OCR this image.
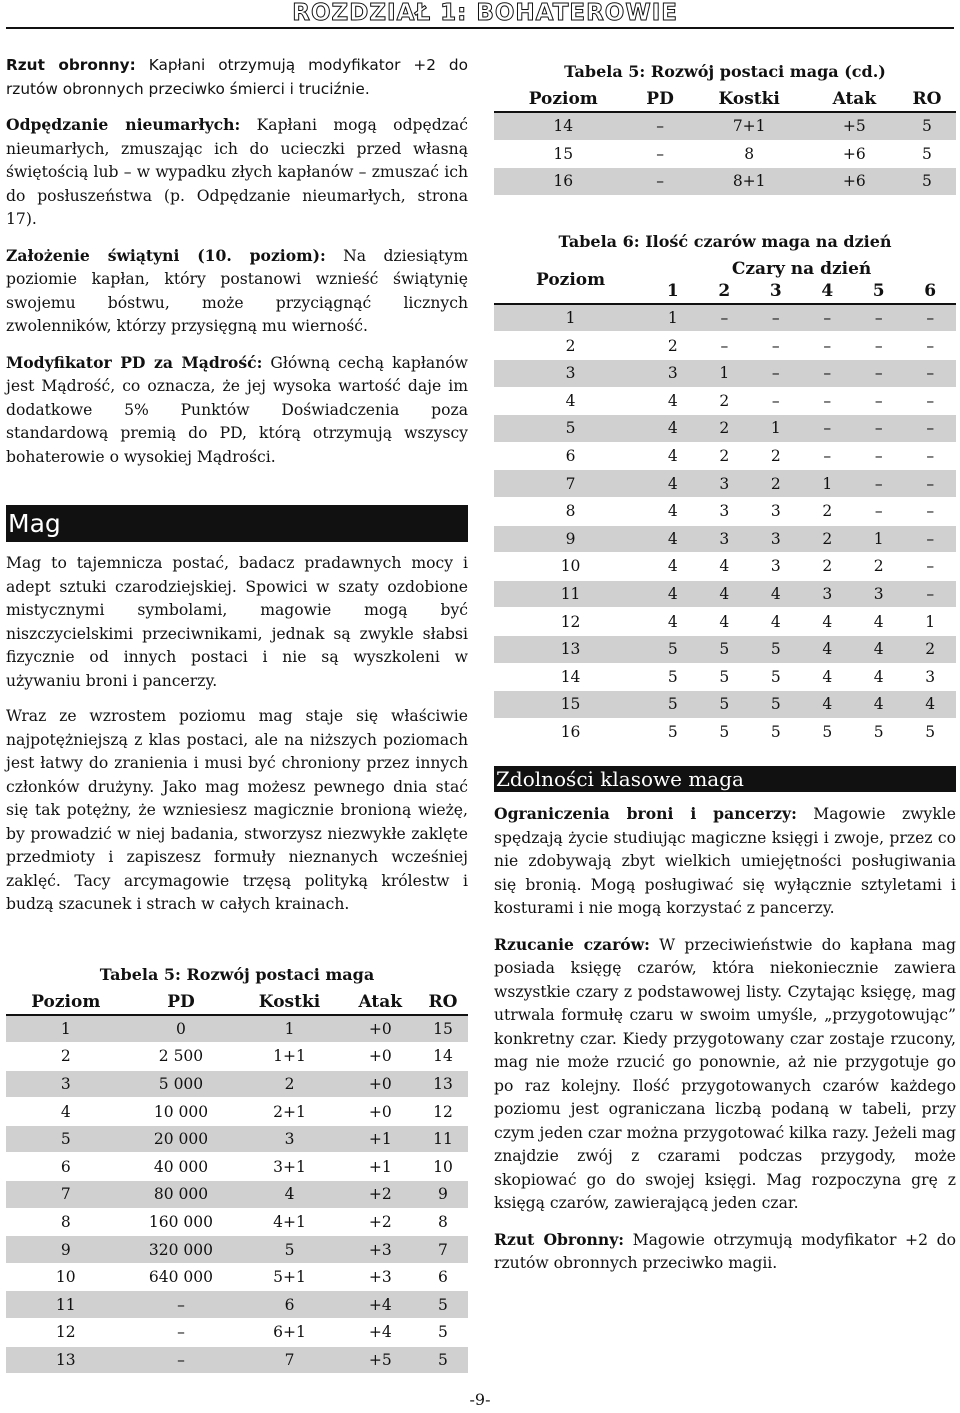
ROZDZIAŁ 1: BOHATEROWIE

Rzut obronny: Kapłani otrzymują modyfikator +2 do rzutów obronnych przeciwko śmierci i truciźnie.

Odpędzanie nieumarłych: Kapłani mogą odpędzać nieumarłych, zmuszając ich do ucieczki przed własną świętością lub – w wypadku złych kapłanów – zmuszać ich do posłuszeństwa (p. Odpędzanie nieumarłych, strona 17).

Założenie świątyni (10. poziom): Na dziesiątym poziomie kapłan, który postanowi wznieść świątynię swojemu bóstwu, może przyciągnąć licznych zwolenników, którzy przysięgną mu wierność.

Modyfikator PD za Mądrość: Główną cechą kapłanów jest Mądrość, co oznacza, że jej wysoka wartość daje im dodatkowe 5% Punktów Doświadczenia poza standardową premią do PD, którą otrzymują wszyscy bohaterowie o wysokiej Mądrości.

Mag

Mag to tajemnicza postać, badacz pradawnych mocy i adept sztuki czarodziejskiej. Spowici w szaty ozdobione mistycznymi symbolami, magowie mogą być niszczycielskimi przeciwnikami, jednak są zwykle słabsi fizycznie od innych postaci i nie są wyszkoleni w używaniu broni i pancerzy.

Wraz ze wzrostem poziomu mag staje się właściwie najpotężniejszą z klas postaci, ale na niższych poziomach jest łatwy do zranienia i musi być chroniony przez innych członków drużyny. Jako mag możesz pewnego dnia stać się tak potężny, że wzniesiesz magicznie bronioną wieżę, by prowadzić w niej badania, stworzysz niezwykłe zaklęte przedmioty i zapiszesz formuły nieznanych wcześniej zaklęć. Tacy arcymagowie trzęsą polityką królestw i budzą szacunek i strach w całych krainach.

Tabela 5: Rozwój postaci maga
Poziom	PD	Kostki	Atak	RO
1	0	1	+0	15
2	2 500	1+1	+0	14
3	5 000	2	+0	13
4	10 000	2+1	+0	12
5	20 000	3	+1	11
6	40 000	3+1	+1	10
7	80 000	4	+2	9
8	160 000	4+1	+2	8
9	320 000	5	+3	7
10	640 000	5+1	+3	6
11	–	6	+4	5
12	–	6+1	+4	5
13	–	7	+5	5
Tabela 5: Rozwój postaci maga (cd.)
Poziom	PD	Kostki	Atak	RO
14	–	7+1	+5	5
15	–	8	+6	5
16	–	8+1	+6	5
Tabela 6: Ilość czarów maga na dzień
Poziom	Czary na dzień					
	1	2	3	4	5	6
1	1	–	–	–	–	–
2	2	–	–	–	–	–
3	3	1	–	–	–	–
4	4	2	–	–	–	–
5	4	2	1	–	–	–
6	4	2	2	–	–	–
7	4	3	2	1	–	–
8	4	3	3	2	–	–
9	4	3	3	2	1	–
10	4	4	3	2	2	–
11	4	4	4	3	3	–
12	4	4	4	4	4	1
13	5	5	5	4	4	2
14	5	5	5	4	4	3
15	5	5	5	4	4	4
16	5	5	5	5	5	5
Zdolności klasowe maga

Ograniczenia broni i pancerzy: Magowie zwykle spędzają życie studiując magiczne księgi i zwoje, przez co nie zdobywają zbyt wielkich umiejętności posługiwania się bronią. Mogą posługiwać się wyłącznie sztyletami i kosturami i nie mogą korzystać z pancerzy.

Rzucanie czarów: W przeciwieństwie do kapłana mag posiada księgę czarów, która niekoniecznie zawiera wszystkie czary z podstawowej listy. Czytając księgę, mag utrwala formułę czaru w swoim umyśle, „przygotowując” konkretny czar. Kiedy przygotowany czar zostaje rzucony, mag nie może rzucić go ponownie, aż nie przygotuje go po raz kolejny. Ilość przygotowanych czarów każdego poziomu jest ograniczana liczbą podaną w tabeli, przy czym jeden czar można przygotować kilka razy. Jeżeli mag znajdzie zwój z czarami podczas przygody, może skopiować go do swojej księgi. Mag rozpoczyna grę z księgą czarów, zawierającą jeden czar.

Rzut Obronny: Magowie otrzymują modyfikator +2 do rzutów obronnych przeciwko magii.

-9-
